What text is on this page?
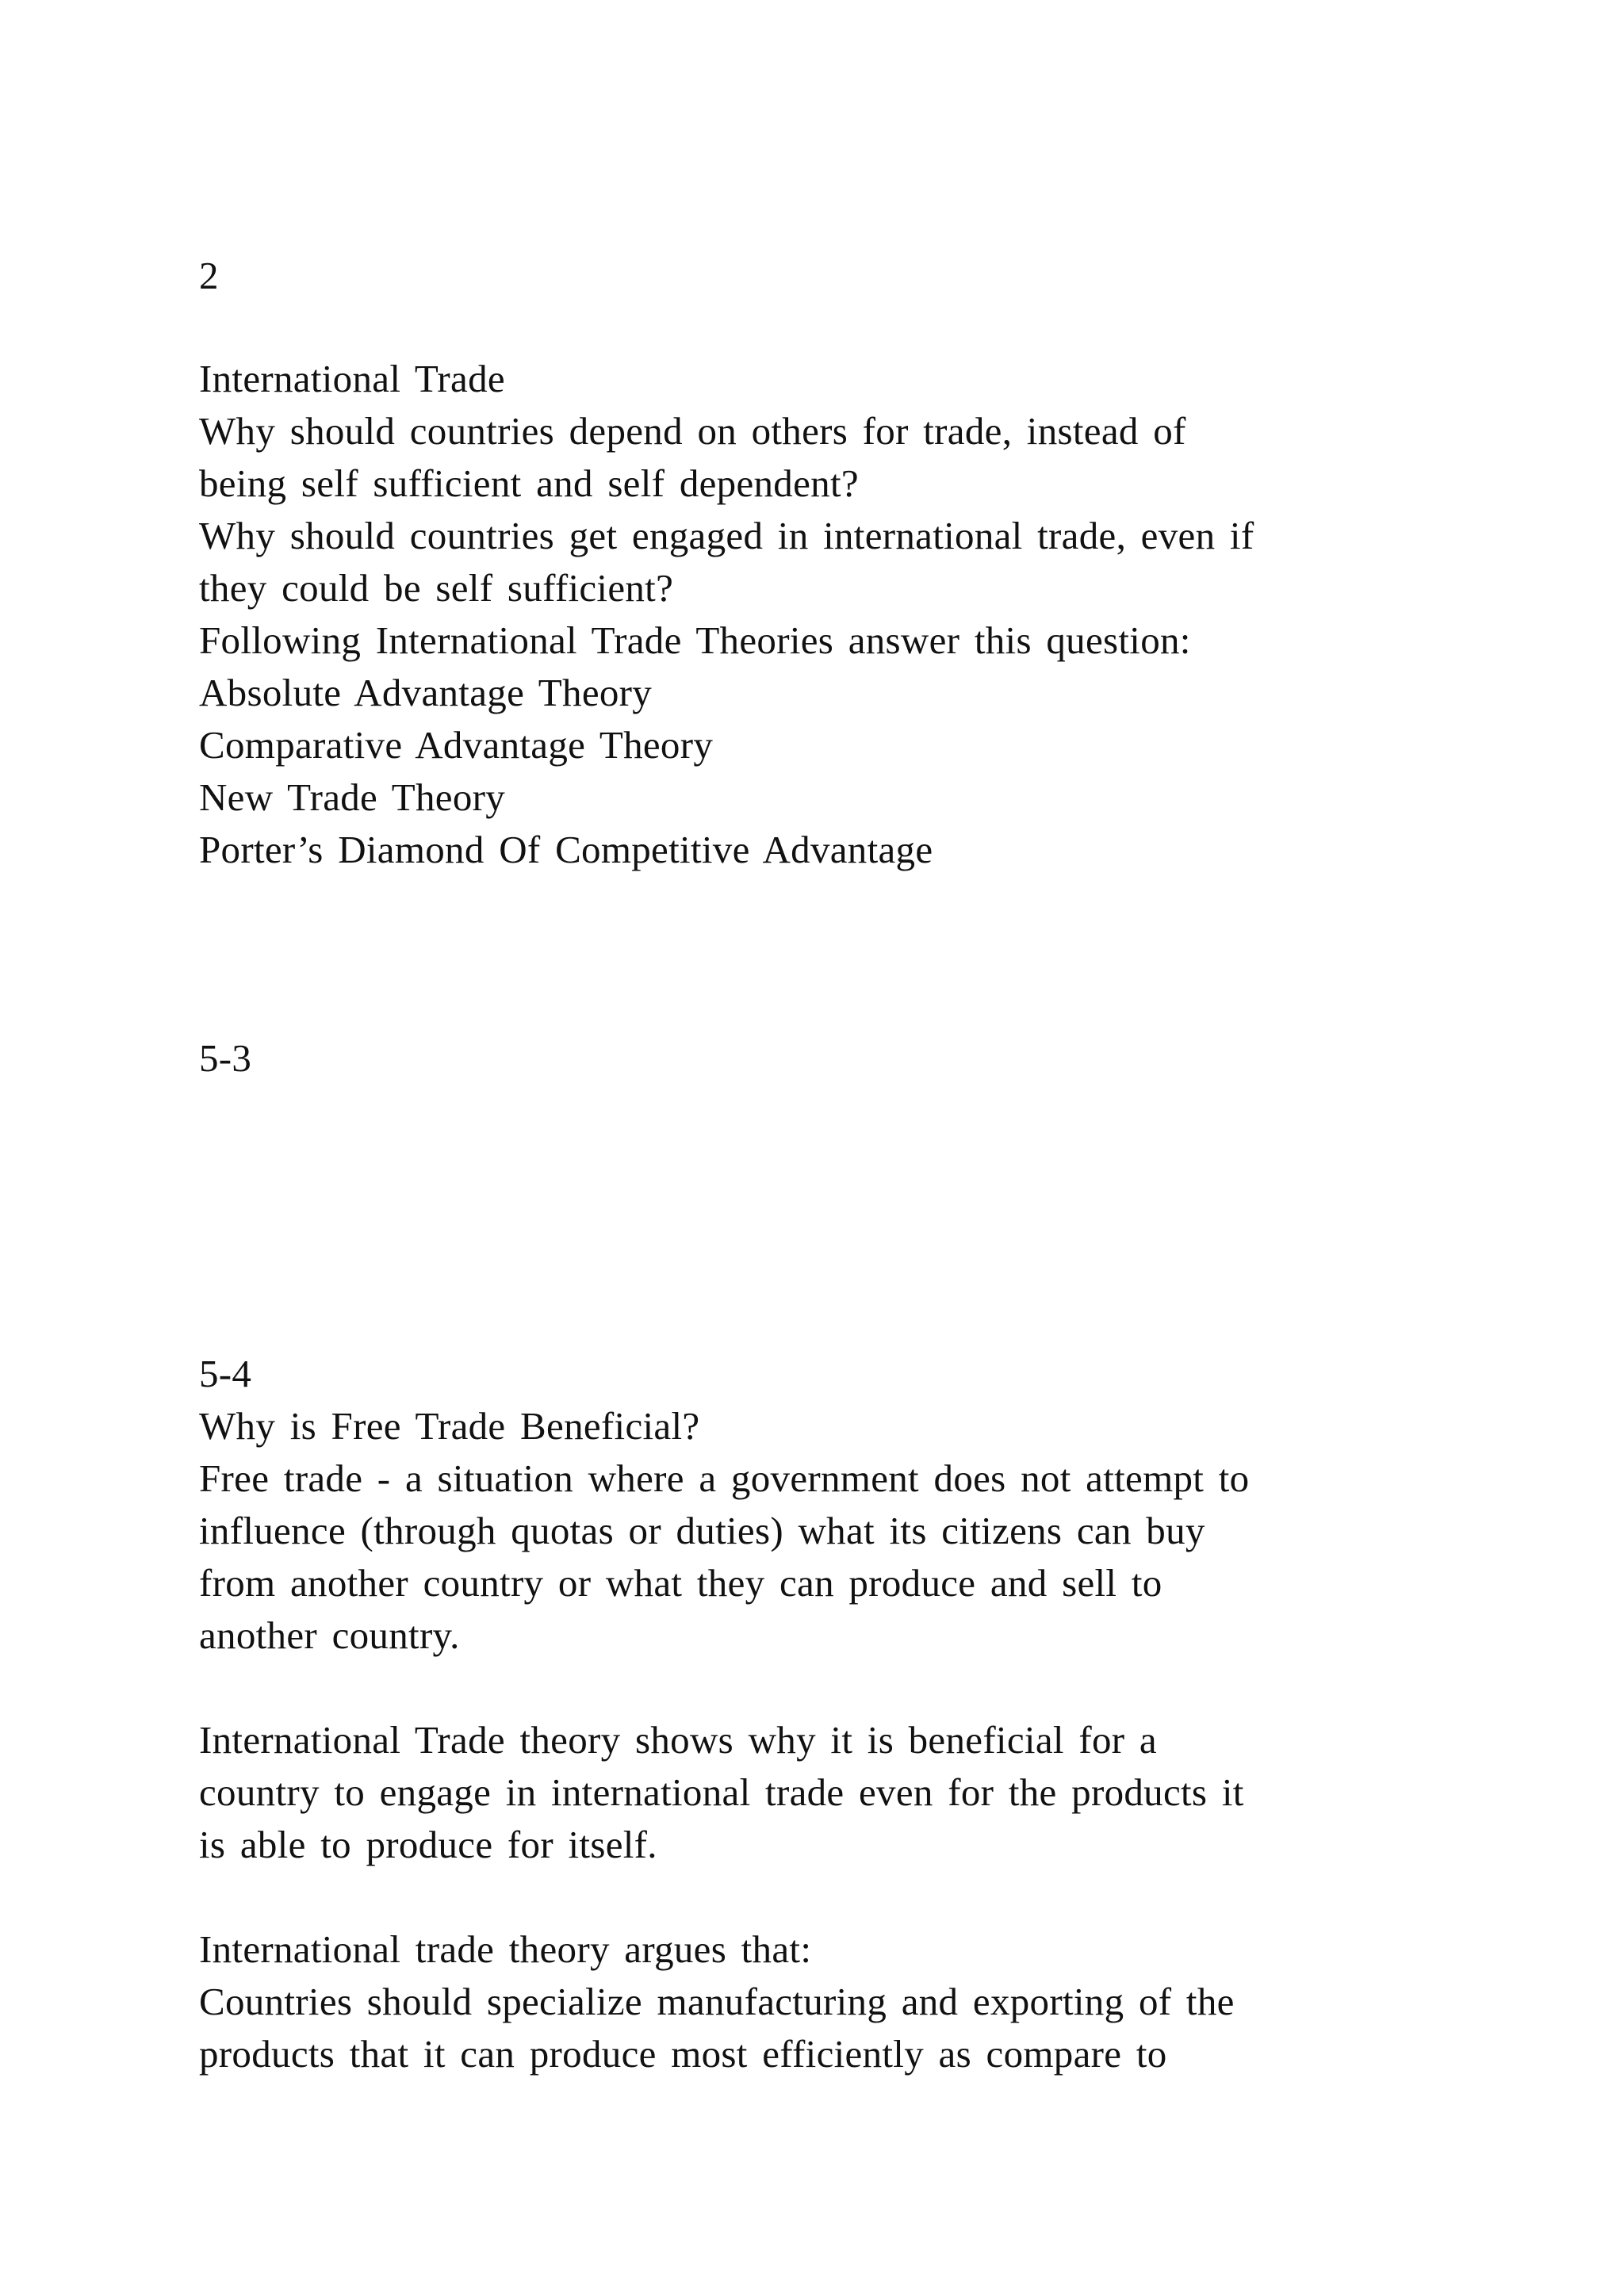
2
International Trade
Why should countries depend on others for trade, instead of
being self sufficient and self dependent?
Why should countries get engaged in international trade, even if
they could be self sufficient?
Following International Trade Theories answer this question:
Absolute Advantage Theory
Comparative Advantage Theory
New Trade Theory
Porter’s Diamond Of Competitive Advantage
5-3
5-4
Why is Free Trade Beneficial?
Free trade - a situation where a government does not attempt to
influence (through quotas or duties) what its citizens can buy
from another country or what they can produce and sell to
another country.
International Trade theory shows why it is beneficial for a
country to engage in international trade even for the products it
is able to produce for itself.
International trade theory argues that:
Countries should specialize manufacturing and exporting of the
products that it can produce most efficiently as compare to
